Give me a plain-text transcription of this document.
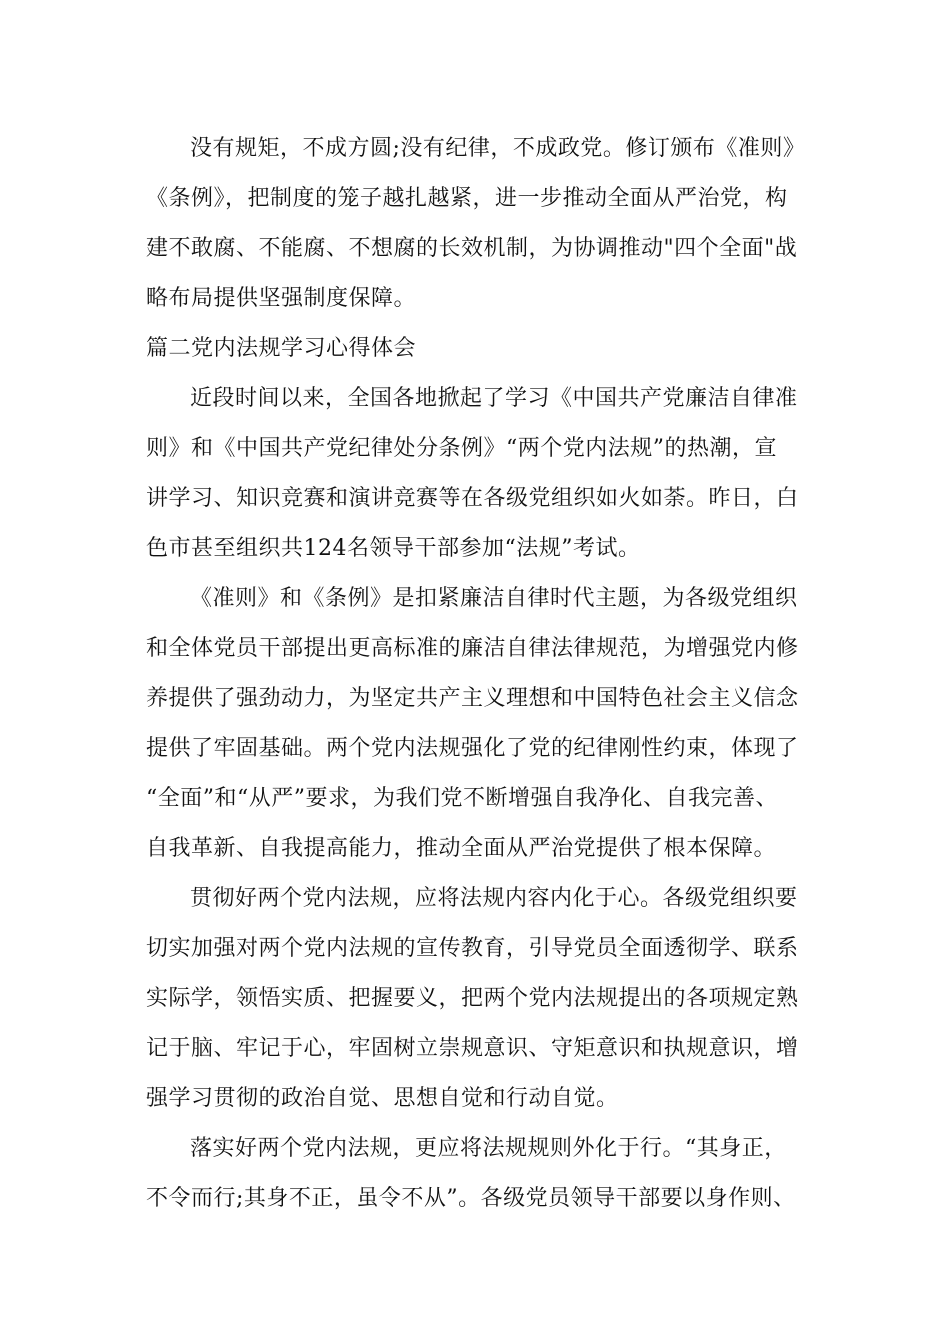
没有规矩，不成方圆;没有纪律，不成政党。修订颁布《准则》
《条例》，把制度的笼子越扎越紧，进一步推动全面从严治党，构
建不敢腐、不能腐、不想腐的长效机制，为协调推动"四个全面"战
略布局提供坚强制度保障。
篇二党内法规学习心得体会
近段时间以来，全国各地掀起了学习《中国共产党廉洁自律准
则》和《中国共产党纪律处分条例》“两个党内法规”的热潮，宣
讲学习、知识竞赛和演讲竞赛等在各级党组织如火如荼。昨日，白
色市甚至组织共124名领导干部参加“法规”考试。
《准则》和《条例》是扣紧廉洁自律时代主题，为各级党组织
和全体党员干部提出更高标准的廉洁自律法律规范，为增强党内修
养提供了强劲动力，为坚定共产主义理想和中国特色社会主义信念
提供了牢固基础。两个党内法规强化了党的纪律刚性约束，体现了
“全面”和“从严”要求，为我们党不断增强自我净化、自我完善、
自我革新、自我提高能力，推动全面从严治党提供了根本保障。
贯彻好两个党内法规，应将法规内容内化于心。各级党组织要
切实加强对两个党内法规的宣传教育，引导党员全面透彻学、联系
实际学，领悟实质、把握要义，把两个党内法规提出的各项规定熟
记于脑、牢记于心，牢固树立崇规意识、守矩意识和执规意识，增
强学习贯彻的政治自觉、思想自觉和行动自觉。
落实好两个党内法规，更应将法规规则外化于行。“其身正，
不令而行;其身不正，虽令不从”。各级党员领导干部要以身作则、
